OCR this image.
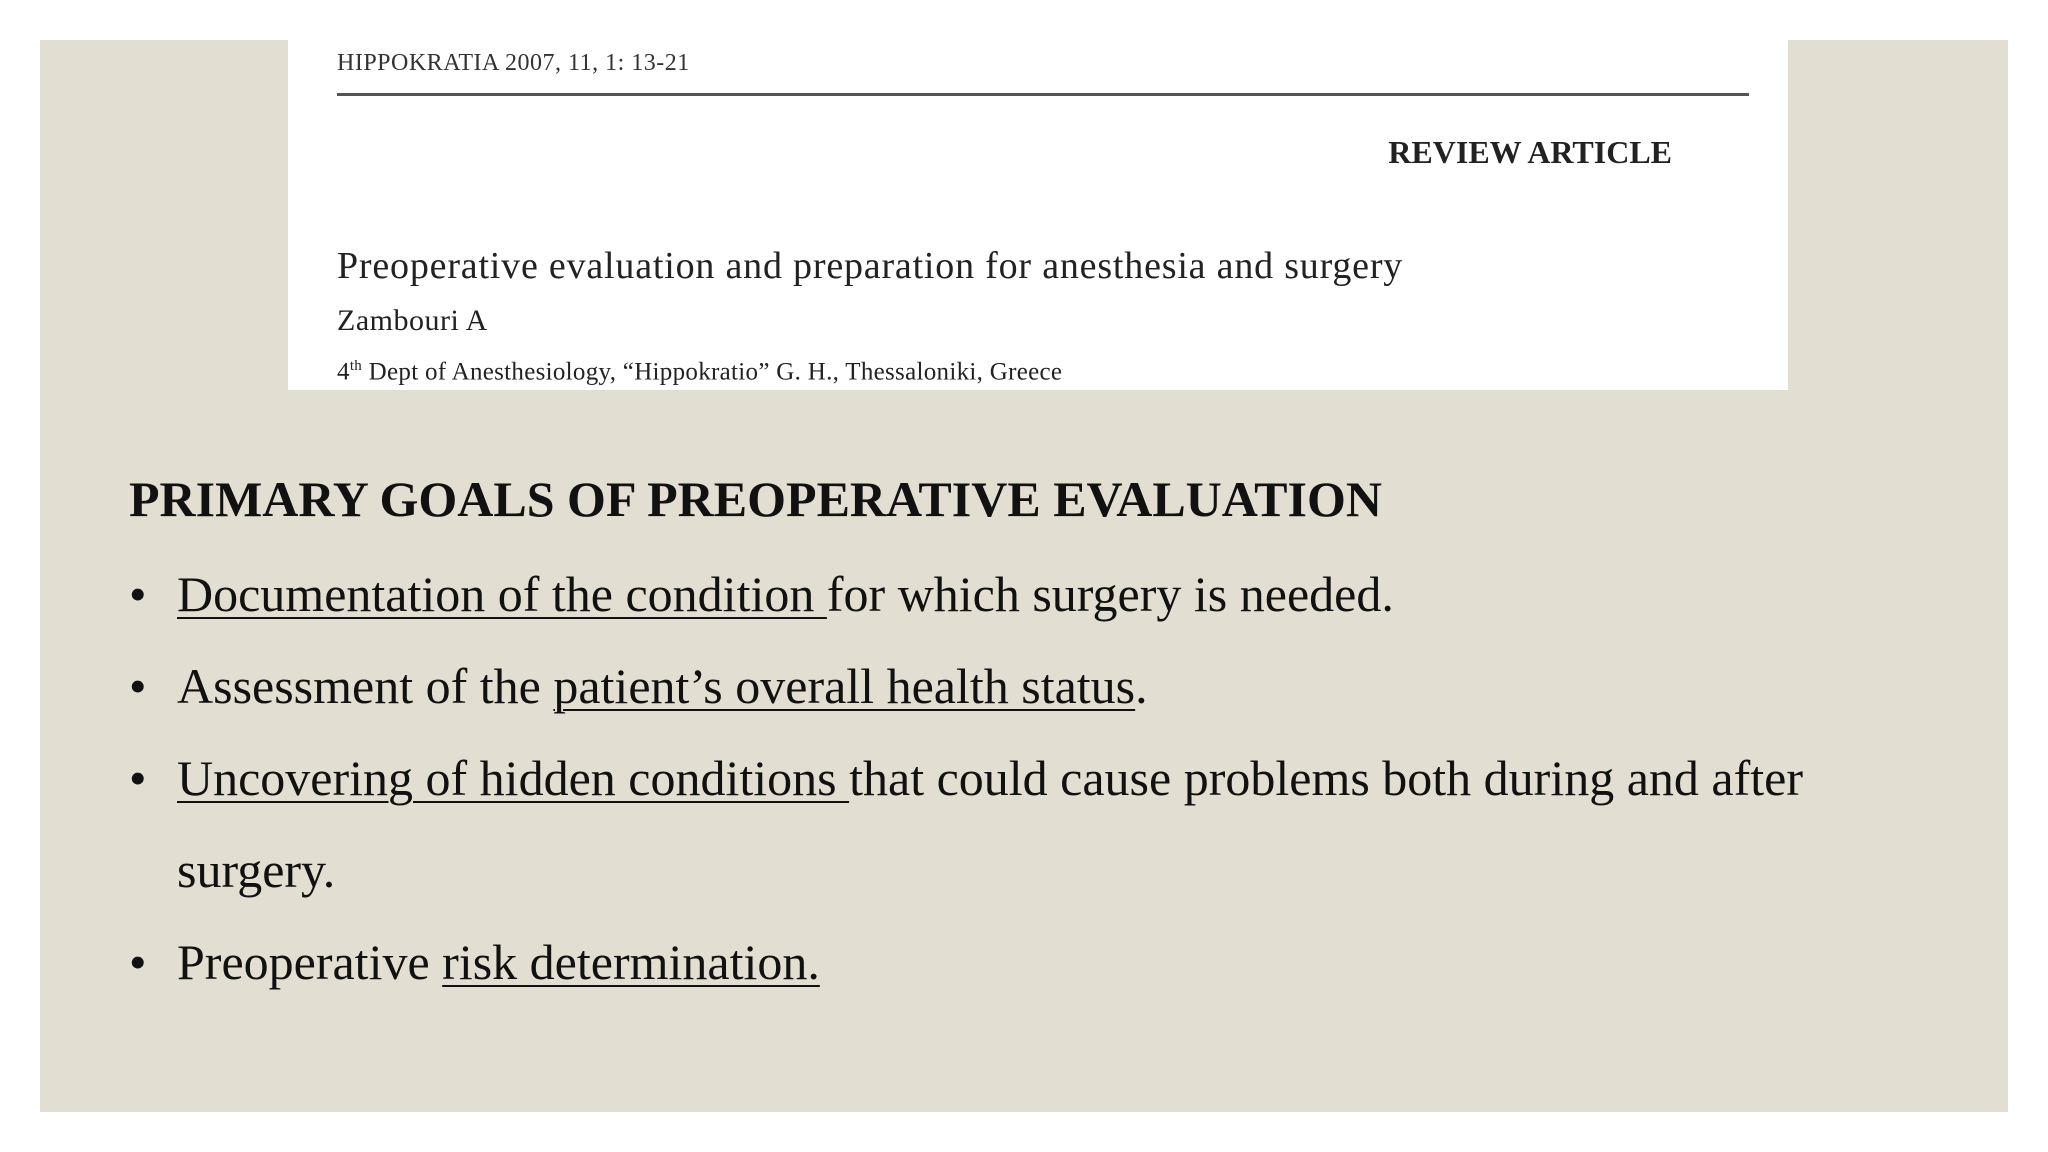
HIPPOKRATIA 2007, 11, 1: 13-21
REVIEW ARTICLE
Preoperative evaluation and preparation for anesthesia and surgery
Zambouri A
4th Dept of Anesthesiology, “Hippokratio” G. H., Thessaloniki, Greece
PRIMARY GOALS OF PREOPERATIVE EVALUATION
• Documentation of the condition for which surgery is needed.
• Assessment of the patient’s overall health status.
• Uncovering of hidden conditions that could cause problems both during and after surgery.
• Preoperative risk determination.
